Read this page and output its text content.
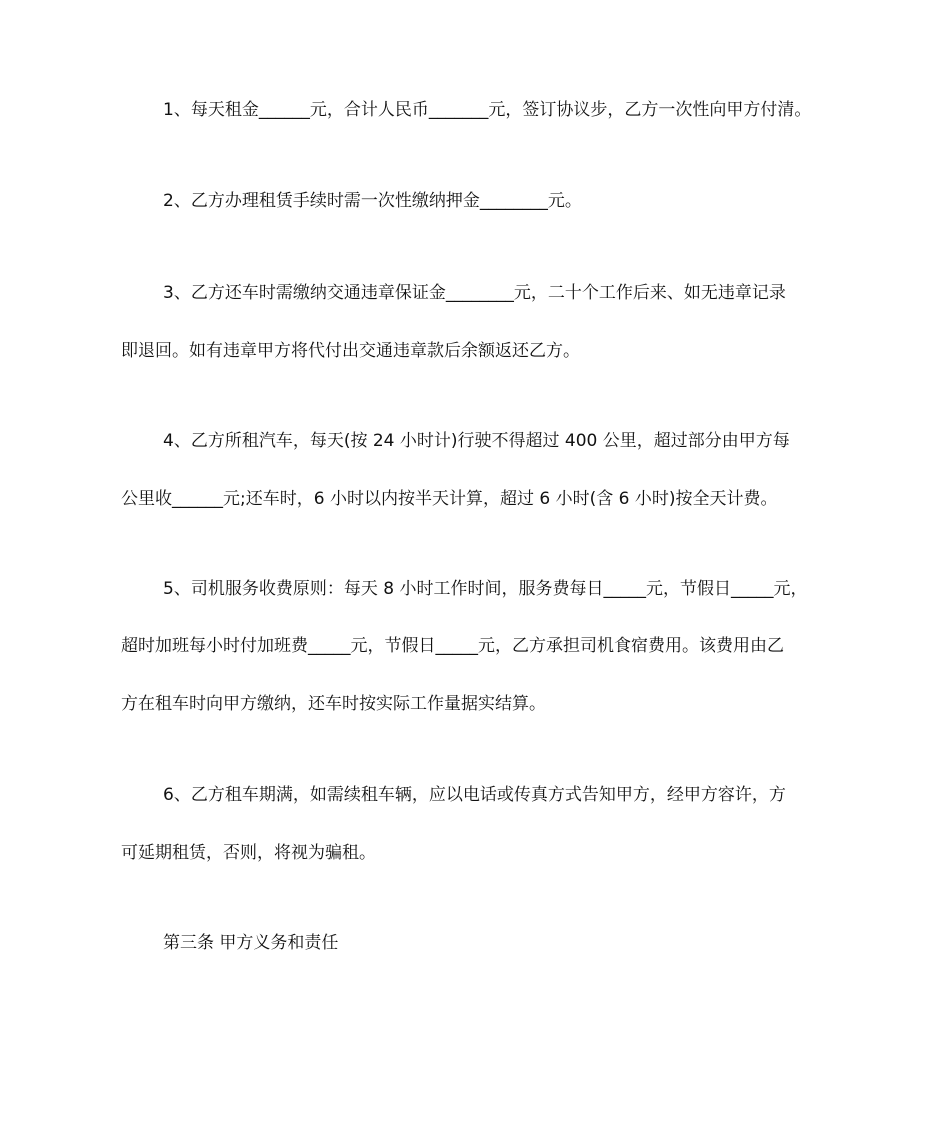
1、每天租金______元，合计人民币_______元，签订协议步，乙方一次性向甲方付清。
2、乙方办理租赁手续时需一次性缴纳押金________元。
3、乙方还车时需缴纳交通违章保证金________元，二十个工作后来、如无违章记录
即退回。如有违章甲方将代付出交通违章款后余额返还乙方。
4、乙方所租汽车，每天(按 24 小时计)行驶不得超过 400 公里，超过部分由甲方每
公里收______元;还车时，6 小时以内按半天计算，超过 6 小时(含 6 小时)按全天计费。
5、司机服务收费原则：每天 8 小时工作时间，服务费每日_____元，节假日_____元，
超时加班每小时付加班费_____元，节假日_____元，乙方承担司机食宿费用。该费用由乙
方在租车时向甲方缴纳，还车时按实际工作量据实结算。
6、乙方租车期满，如需续租车辆，应以电话或传真方式告知甲方，经甲方容许，方
可延期租赁，否则，将视为骗租。
第三条 甲方义务和责任
